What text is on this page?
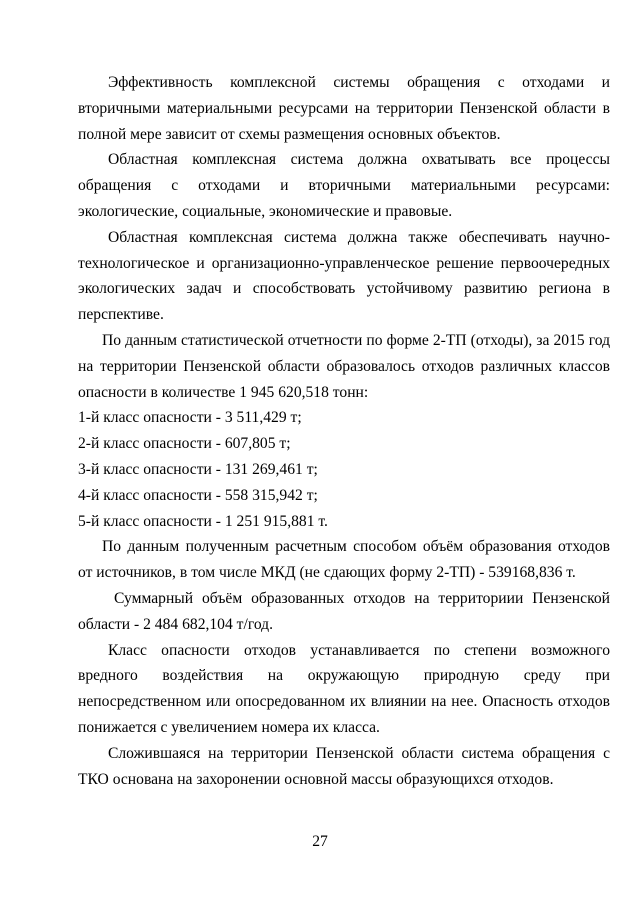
Эффективность комплексной системы обращения с отходами и вторичными материальными ресурсами на территории Пензенской области в полной мере зависит от схемы размещения основных объектов.

Областная комплексная система должна охватывать все процессы обращения с отходами и вторичными материальными ресурсами: экологические, социальные, экономические и правовые.

Областная комплексная система должна также обеспечивать научно-технологическое и организационно-управленческое решение первоочередных экологических задач и способствовать устойчивому развитию региона в перспективе.

По данным статистической отчетности по форме 2-ТП (отходы), за 2015 год на территории Пензенской области образовалось отходов различных классов опасности в количестве 1 945 620,518 тонн:

1-й класс опасности - 3 511,429 т;

2-й класс опасности - 607,805 т;

3-й класс опасности - 131 269,461 т;

4-й класс опасности - 558 315,942 т;

5-й класс опасности - 1 251 915,881 т.

По данным полученным расчетным способом объём образования отходов от источников, в том числе МКД (не сдающих форму 2-ТП) - 539168,836 т.

Суммарный объём образованных отходов на территориии Пензенской области - 2 484 682,104 т/год.

Класс опасности отходов устанавливается по степени возможного вредного воздействия на окружающую природную среду при непосредственном или опосредованном их влиянии на нее. Опасность отходов понижается с увеличением номера их класса.

Сложившаяся на территории Пензенской области система обращения с ТКО основана на захоронении основной массы образующихся отходов.

27
